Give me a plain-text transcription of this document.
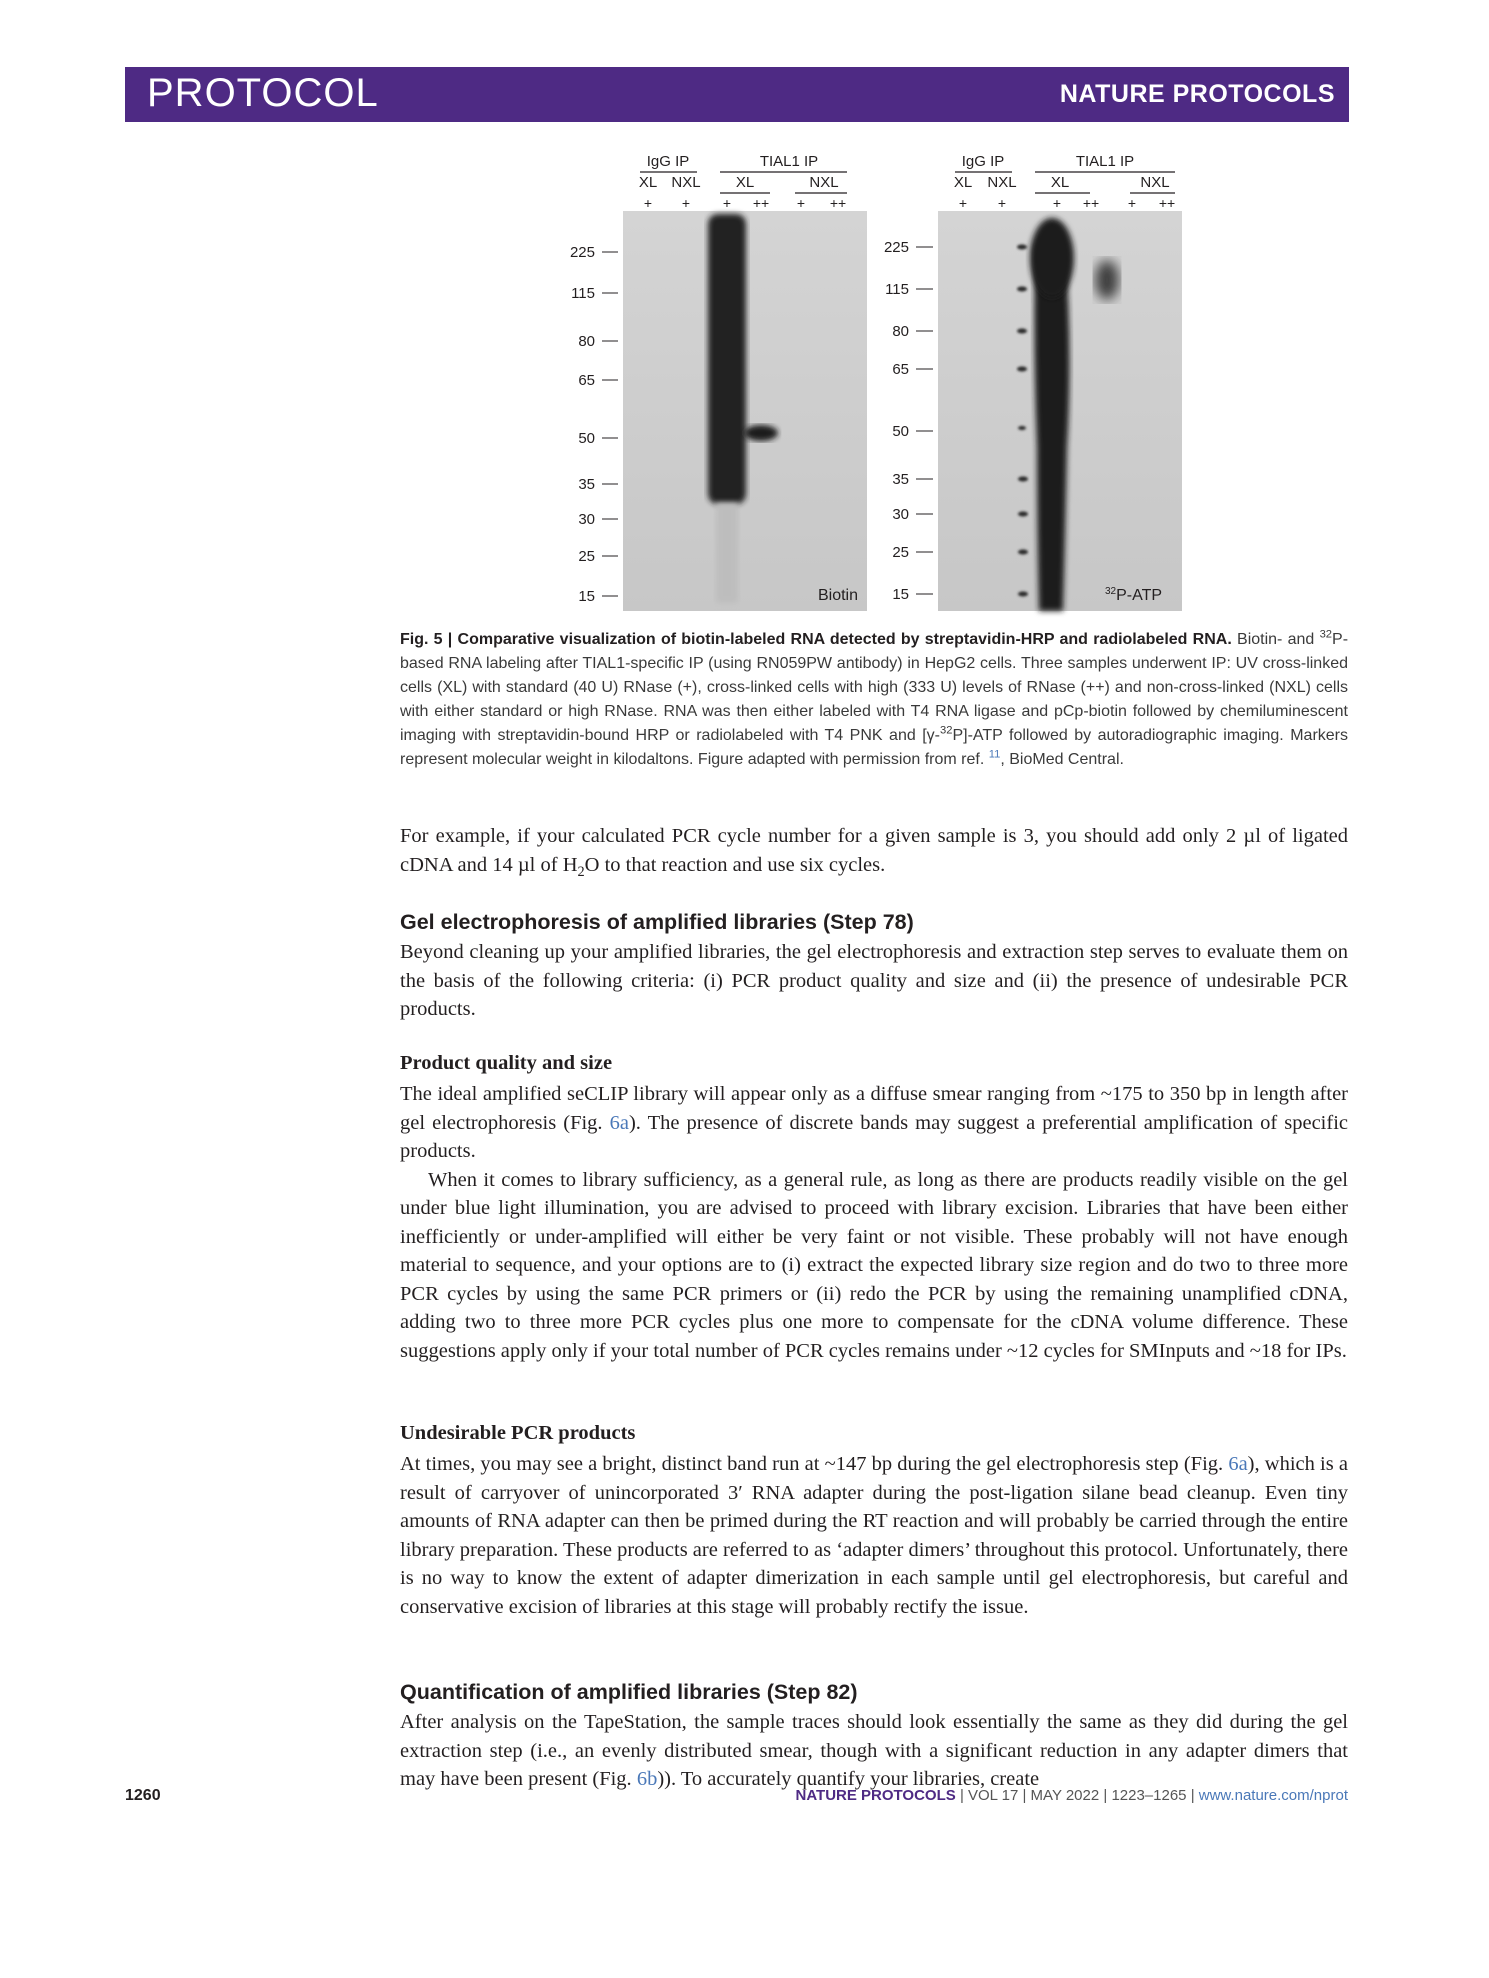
PROTOCOL	NATURE PROTOCOLS
IgG IP	TIAL1 IP
XL NXL XL	NXL
+ + + ++ + ++
Biotin
225
115
80
65
50
35
30
25
15
IgG IP	TIAL1 IP
XL NXL XL	NXL
+ +	+ ++ + ++
$^{32}$P-ATP
225
115
80
65
50
35
30
25
15
Fig. 5 | Comparative visualization of biotin-labeled RNA detected by streptavidin-HRP and radiolabeled RNA. Biotin- and $^{32}$P-based RNA labeling after TIAL1-specific IP (using RN059PW antibody) in HepG2 cells. Three samples underwent IP: UV cross-linked cells (XL) with standard (40 U) RNase (+), cross-linked cells with high (333 U) levels of RNase (++) and non-cross-linked (NXL) cells with either standard or high RNase. RNA was then either labeled with T4 RNA ligase and pCp-biotin followed by chemiluminescent imaging with streptavidin-bound HRP or radiolabeled with T4 PNK and [γ-$^{32}$P]-ATP followed by autoradiographic imaging. Markers represent molecular weight in kilodaltons. Figure adapted with permission from ref. $^{11}$, BioMed Central.

For example, if your calculated PCR cycle number for a given sample is 3, you should add only 2 µl of ligated cDNA and 14 µl of $H_2O$ to that reaction and use six cycles.

Gel electrophoresis of amplified libraries (Step 78)

Beyond cleaning up your amplified libraries, the gel electrophoresis and extraction step serves to evaluate them on the basis of the following criteria: (i) PCR product quality and size and (ii) the presence of undesirable PCR products.

Product quality and size

The ideal amplified seCLIP library will appear only as a diffuse smear ranging from ~175 to 350 bp in length after gel electrophoresis (Fig. 6a). The presence of discrete bands may suggest a preferential amplification of specific products.

When it comes to library sufficiency, as a general rule, as long as there are products readily visible on the gel under blue light illumination, you are advised to proceed with library excision. Libraries that have been either inefficiently or under-amplified will either be very faint or not visible. These probably will not have enough material to sequence, and your options are to (i) extract the expected library size region and do two to three more PCR cycles by using the same PCR primers or (ii) redo the PCR by using the remaining unamplified cDNA, adding two to three more PCR cycles plus one more to compensate for the cDNA volume difference. These suggestions apply only if your total number of PCR cycles remains under ~12 cycles for SMInputs and ~18 for IPs.

Undesirable PCR products

At times, you may see a bright, distinct band run at ~147 bp during the gel electrophoresis step (Fig. 6a), which is a result of carryover of unincorporated 3′ RNA adapter during the post-ligation silane bead cleanup. Even tiny amounts of RNA adapter can then be primed during the RT reaction and will probably be carried through the entire library preparation. These products are referred to as ‘adapter dimers’ throughout this protocol. Unfortunately, there is no way to know the extent of adapter dimerization in each sample until gel electrophoresis, but careful and conservative excision of libraries at this stage will probably rectify the issue.

Quantification of amplified libraries (Step 82)

After analysis on the TapeStation, the sample traces should look essentially the same as they did during the gel extraction step (i.e., an evenly distributed smear, though with a significant reduction in any adapter dimers that may have been present (Fig. 6b)). To accurately quantify your libraries, create

1260	NATURE PROTOCOLS | VOL 17 | MAY 2022 | 1223–1265 | www.nature.com/nprot
